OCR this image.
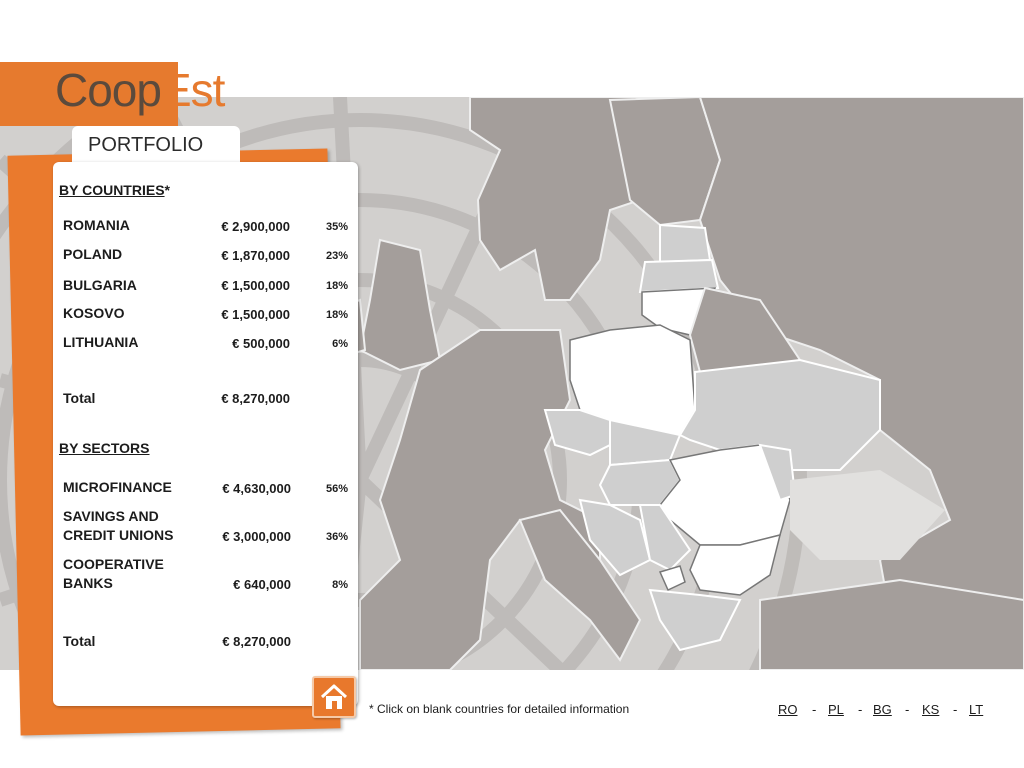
CoopEst
PORTFOLIO
BY COUNTRIES*
ROMANIA	€ 2,900,000	35%
POLAND	€ 1,870,000	23%
BULGARIA	€ 1,500,000	18%
KOSOVO	€ 1,500,000	18%
LITHUANIA	€ 500,000	6%
Total	€ 8,270,000
BY SECTORS
MICROFINANCE	€ 4,630,000	56%
SAVINGS AND
CREDIT UNIONS	€ 3,000,000	36%
COOPERATIVE
BANKS	€ 640,000	8%
Total	€ 8,270,000
* Click on blank countries for detailed information	RO - PL - BG - KS - LT
